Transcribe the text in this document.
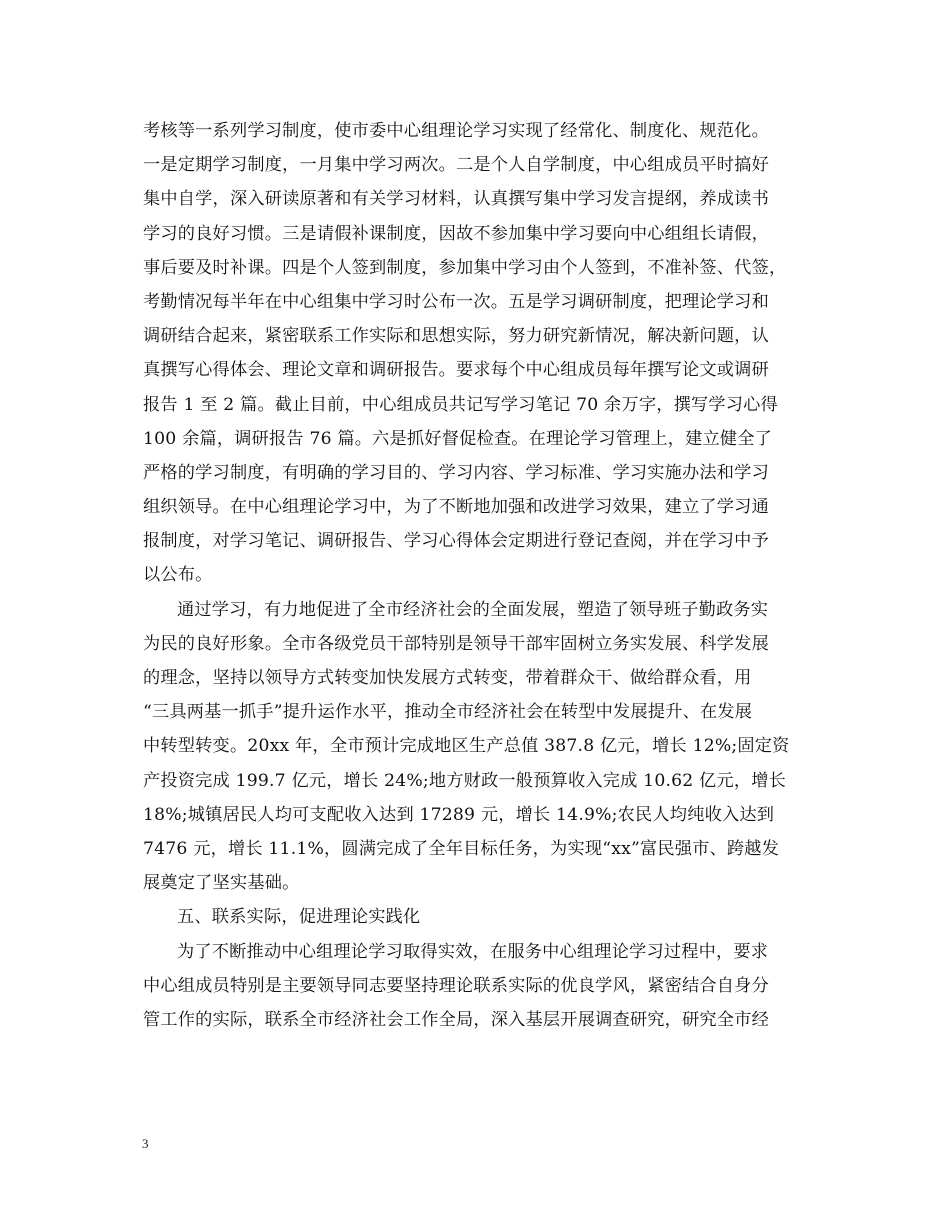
考核等一系列学习制度，使市委中心组理论学习实现了经常化、制度化、规范化。
一是定期学习制度，一月集中学习两次。二是个人自学制度，中心组成员平时搞好
集中自学，深入研读原著和有关学习材料，认真撰写集中学习发言提纲，养成读书
学习的良好习惯。三是请假补课制度，因故不参加集中学习要向中心组组长请假，
事后要及时补课。四是个人签到制度，参加集中学习由个人签到，不准补签、代签，
考勤情况每半年在中心组集中学习时公布一次。五是学习调研制度，把理论学习和
调研结合起来，紧密联系工作实际和思想实际，努力研究新情况，解决新问题，认
真撰写心得体会、理论文章和调研报告。要求每个中心组成员每年撰写论文或调研
报告 1 至 2 篇。截止目前，中心组成员共记写学习笔记 70 余万字，撰写学习心得
100 余篇，调研报告 76 篇。六是抓好督促检查。在理论学习管理上，建立健全了
严格的学习制度，有明确的学习目的、学习内容、学习标准、学习实施办法和学习
组织领导。在中心组理论学习中，为了不断地加强和改进学习效果，建立了学习通
报制度，对学习笔记、调研报告、学习心得体会定期进行登记查阅，并在学习中予
以公布。
通过学习，有力地促进了全市经济社会的全面发展，塑造了领导班子勤政务实
为民的良好形象。全市各级党员干部特别是领导干部牢固树立务实发展、科学发展
的理念，坚持以领导方式转变加快发展方式转变，带着群众干、做给群众看，用
“三具两基一抓手”提升运作水平，推动全市经济社会在转型中发展提升、在发展
中转型转变。20xx 年，全市预计完成地区生产总值 387.8 亿元，增长 12%;固定资
产投资完成 199.7 亿元，增长 24%;地方财政一般预算收入完成 10.62 亿元，增长
18%;城镇居民人均可支配收入达到 17289 元，增长 14.9%;农民人均纯收入达到
7476 元，增长 11.1%，圆满完成了全年目标任务，为实现“xx”富民强市、跨越发
展奠定了坚实基础。
五、联系实际，促进理论实践化
为了不断推动中心组理论学习取得实效，在服务中心组理论学习过程中，要求
中心组成员特别是主要领导同志要坚持理论联系实际的优良学风，紧密结合自身分
管工作的实际，联系全市经济社会工作全局，深入基层开展调查研究，研究全市经
3
